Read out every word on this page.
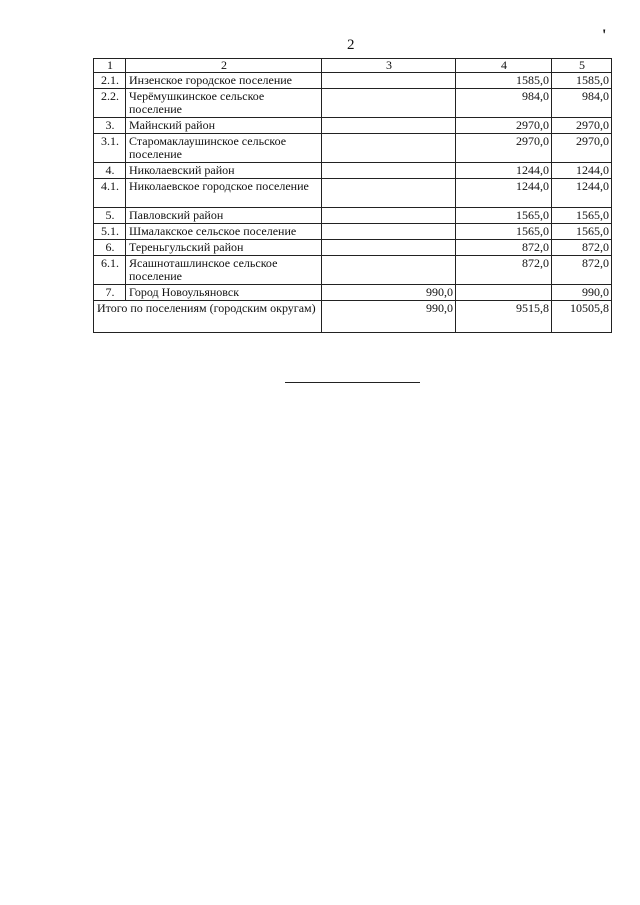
2
'
1	2	3	4	5
2.1.	Инзенское городское поселение		1585,0	1585,0
2.2.	Черёмушкинское сельское поселение		984,0	984,0
3.	Майнский район		2970,0	2970,0
3.1.	Старомаклаушинское сельское поселение		2970,0	2970,0
4.	Николаевский район		1244,0	1244,0
4.1.	Николаевское городское поселение		1244,0	1244,0
5.	Павловский район		1565,0	1565,0
5.1.	Шмалакское сельское поселение		1565,0	1565,0
6.	Тереньгульский район		872,0	872,0
6.1.	Ясашноташлинское сельское поселение		872,0	872,0
7.	Город Новоульяновск	990,0		990,0
Итого по поселениям (городским округам)		990,0	9515,8	10505,8
